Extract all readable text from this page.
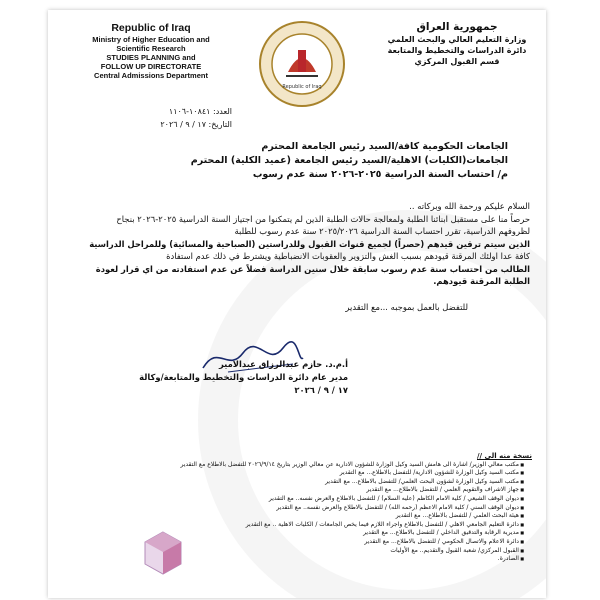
Republic of Iraq
Ministry of Higher Education and
Scientific Research
STUDIES PLANNING and
FOLLOW UP DIRECTORATE
Central Admissions Department
Republic of Iraq
جمهورية العراق
وزارة التعليم العالي والبحث العلمي
دائرة الدراسات والتخطيط والمتابعة
قسم القبول المركزي
العدد: ١٠٨٤١-١١٠٦
التاريخ: ١٧ / ٩ / ٢٠٢٦
الجامعات الحكومية كافة/السيد رئيس الجامعة المحترم
الجامعات(الكليات) الاهلية/السيد رئيس الجامعة (عميد الكلية) المحترم
م/ احتساب السنة الدراسية ٢٠٢٥-٢٠٢٦ سنة عدم رسوب
السلام عليكم ورحمة الله وبركاته ..
حرصاً منا على مستقبل ابنائنا الطلبة ولمعالجة حالات الطلبة الذين لم يتمكنوا من اجتياز السنة الدراسية ٢٠٢٥-٢٠٢٦ بنجاح لظروفهم الدراسية، تقرر احتساب السنة الدراسية ٢٠٢٥/٢٠٢٦ سنة عدم رسوب للطلبة
الذين سيتم ترقين قيدهم (حصراً) لجميع قنوات القبول وللدراستين (الصباحية والمسائية) وللمراحل الدراسية
كافة عدا اولئك المرقنة قيودهم بسبب الغش والتزوير والعقوبات الانضباطية ويشترط في ذلك عدم استفادة
الطالب من احتساب سنة عدم رسوب سابقة خلال سنين الدراسة فضلاً عن عدم استفادته من اي قرار لعودة
الطلبة المرقنة قيودهم.
للتفضل بالعمل بموجبه ...مع التقدير
أ.م.د. حازم عبدالرزاق عبدالامير
مدير عام دائرة الدراسات والتخطيط والمتابعة/وكالة
١٧ / ٩ / ٢٠٢٦
نسخة منه الى //
■ مكتب معالي الوزير/ اشارة الى هامش السيد وكيل الوزارة للشؤون الادارية عن معالي الوزير بتاريخ ٢٠٢٦/٩/١٤ للتفضل بالاطلاع مع التقدير
■ مكتب السيد وكيل الوزارة للشؤون الادارية/ للتفضل بالاطلاع... مع التقدير
■ مكتب السيد وكيل الوزارة لشؤون البحث العلمي/ للتفضل بالاطلاع... مع التقدير
■ جهاز الاشراف والتقويم العلمي / للتفضل بالاطلاع... مع التقدير
■ ديوان الوقف الشيعي / كلية الامام الكاظم (عليه السلام) / للتفضل بالاطلاع والعرض نفسه.. مع التقدير
■ ديوان الوقف السني / كلية الامام الاعظم (رحمه الله) / للتفضل بالاطلاع والعرض نفسه.. مع التقدير
■ هيئة البحث العلمي / للتفضل بالاطلاع... مع التقدير
■ دائرة التعليم الجامعي الاهلي / للتفضل بالاطلاع واجراء اللازم فيما يخص الجامعات / الكليات الاهلية .. مع التقدير
■ مديرية الرقابة والتدقيق الداخلي / للتفضل بالاطلاع... مع التقدير
■ دائرة الاعلام والاتصال الحكومي / للتفضل بالاطلاع... مع التقدير
■ القبول المركزي/ شعبة القبول والتقديم.. مع الأوليات
■ الصادرة.
